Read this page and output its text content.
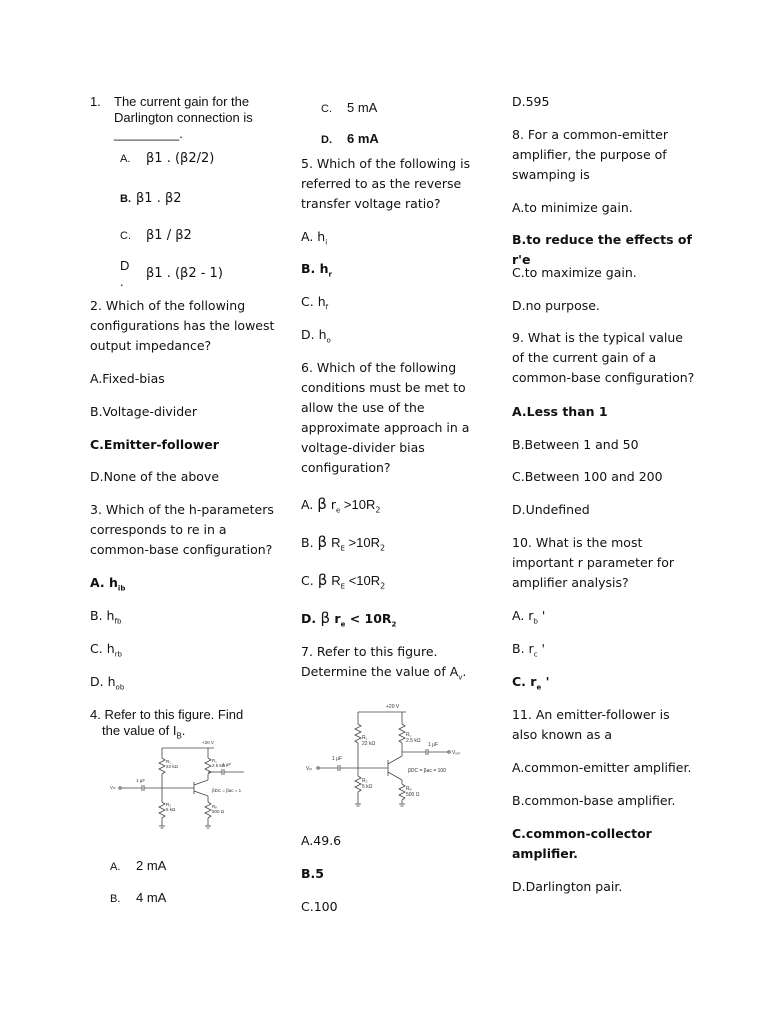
1. The current gain for the
Darlington connection is
_________.
A. β1 . (β2/2)
B. β1 . β2
C. β1 / β2
D
.
β1 . (β2 - 1)
2. Which of the following
configurations has the lowest
output impedance?
A.Fixed-bias
B.Voltage-divider
C.Emitter-follower
D.None of the above
3. Which of the h-parameters
corresponds to re in a
common-base configuration?
A. $h_{ib}$
B. $h_{fb}$
C. $h_{rb}$
D. $h_{ob}$
4. Refer to this figure. Find
the value of $I_B$.
A. 2 mA
B. 4 mA
+20 V
R₁
22 kΩ
R꜀
2.5 kΩ
1 μF
Vᵢₙ
1 μF
βDC = βac = 1
R₂
5 kΩ
Rₑ
500 Ω
C. 5 mA
D. 6 mA
5. Which of the following is
referred to as the reverse
transfer voltage ratio?
A. $h_i$
B. $h_r$
C. $h_f$
D. $h_o$
6. Which of the following
conditions must be met to
allow the use of the
approximate approach in a
voltage-divider bias
configuration?
A. β $r_e >10R_2$
B. β $R_E >10R_2$
C. β $R_E <10R_2$
D. β $r_e < 10R_2$
7. Refer to this figure.
Determine the value of $A_v$.
A.49.6
B.5
C.100
+20 V
R₁
22 kΩ
R꜀
2.5 kΩ
1 μF
Vₒᵤₜ
Vᵢₙ
1 μF
βDC = βac = 100
R₂
5 kΩ	Rₑ
500 Ω
D.595
8. For a common-emitter
amplifier, the purpose of
swamping is
A.to minimize gain.
B.to reduce the effects of r'e
C.to maximize gain.
D.no purpose.
9. What is the typical value
of the current gain of a
common-base configuration?
A.Less than 1
B.Between 1 and 50
C.Between 100 and 200
D.Undefined
10. What is the most
important r parameter for
amplifier analysis?
A. $r_b$ '
B. $r_c$ '
C. $r_e$ '
11. An emitter-follower is
also known as a
A.common-emitter amplifier.
B.common-base amplifier.
C.common-collector
amplifier.
D.Darlington pair.
